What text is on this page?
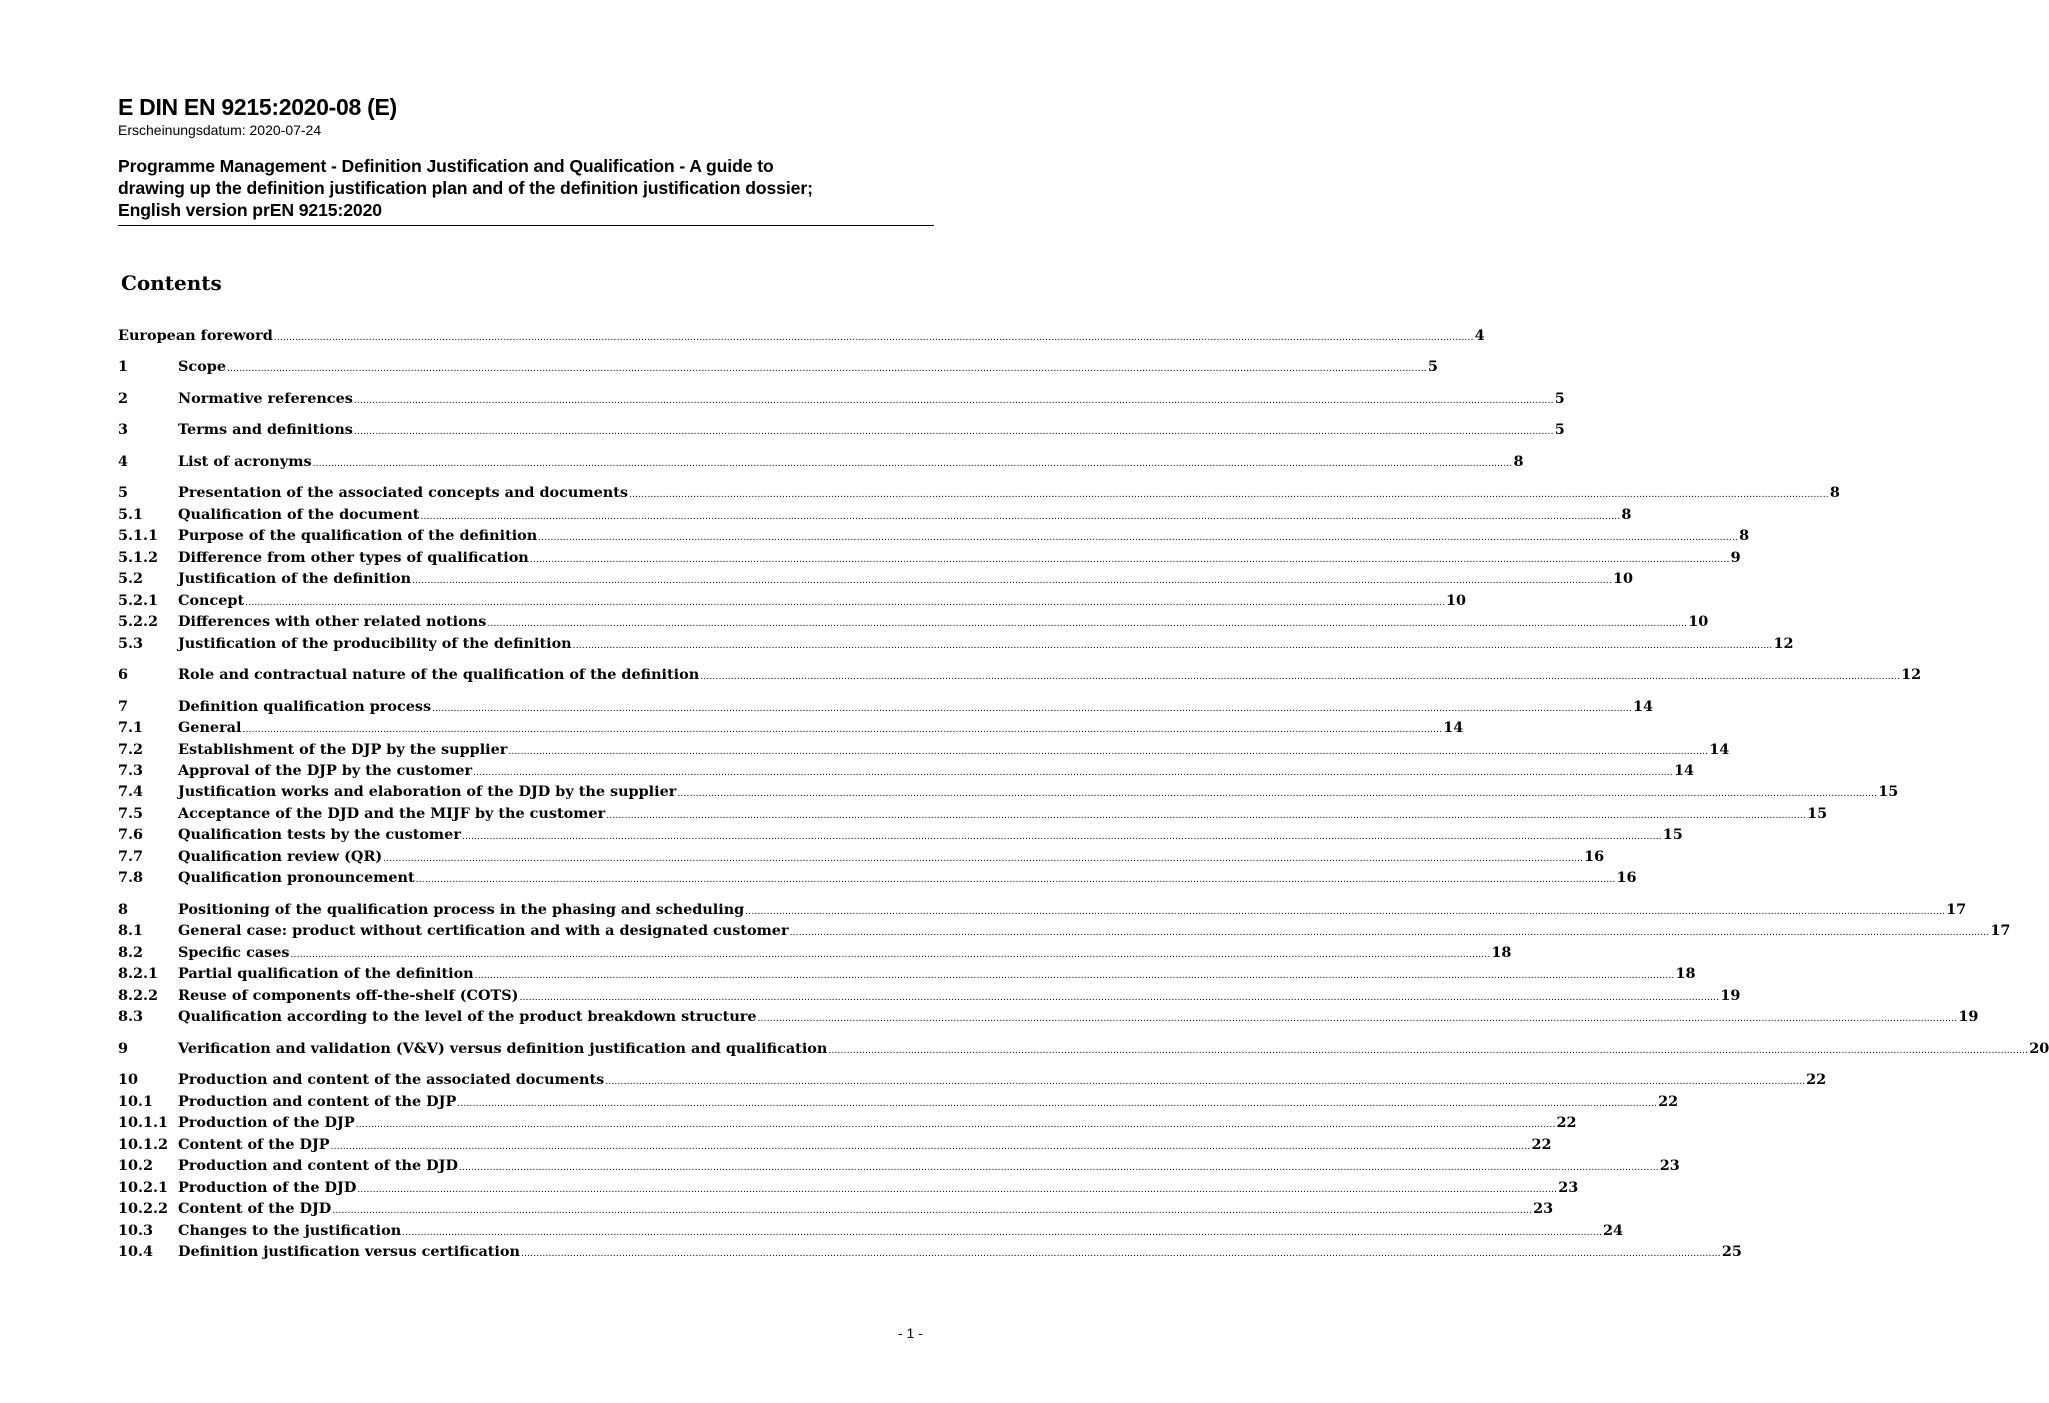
E DIN EN 9215:2020-08 (E)
Erscheinungsdatum: 2020-07-24
Programme Management - Definition Justification and Qualification - A guide to
drawing up the definition justification plan and of the definition justification dossier;
English version prEN 9215:2020
Contents
European foreword .....	4
1	Scope .....	5
2	Normative references .....	5
3	Terms and definitions .....	5
4	List of acronyms .....	8
5	Presentation of the associated concepts and documents .....	8
5.1	Qualification of the document .....	8
5.1.1	Purpose of the qualification of the definition .....	8
5.1.2	Difference from other types of qualification .....	9
5.2	Justification of the definition .....	10
5.2.1	Concept .....	10
5.2.2	Differences with other related notions .....	10
5.3	Justification of the producibility of the definition .....	12
6	Role and contractual nature of the qualification of the definition .....	12
7	Definition qualification process .....	14
7.1	General .....	14
7.2	Establishment of the DJP by the supplier .....	14
7.3	Approval of the DJP by the customer .....	14
7.4	Justification works and elaboration of the DJD by the supplier .....	15
7.5	Acceptance of the DJD and the MIJF by the customer .....	15
7.6	Qualification tests by the customer .....	15
7.7	Qualification review (QR) .....	16
7.8	Qualification pronouncement .....	16
8	Positioning of the qualification process in the phasing and scheduling .....	17
8.1	General case: product without certification and with a designated customer .....	17
8.2	Specific cases .....	18
8.2.1	Partial qualification of the definition .....	18
8.2.2	Reuse of components off-the-shelf (COTS) .....	19
8.3	Qualification according to the level of the product breakdown structure .....	19
9	Verification and validation (V&V) versus definition justification and qualification .....	20
10	Production and content of the associated documents .....	22
10.1	Production and content of the DJP .....	22
10.1.1 Production of the DJP .....	22
10.1.2 Content of the DJP .....	22
10.2	Production and content of the DJD .....	23
10.2.1 Production of the DJD .....	23
10.2.2 Content of the DJD .....	23
10.3	Changes to the justification .....	24
10.4	Definition justification versus certification .....	25
- 1 -
